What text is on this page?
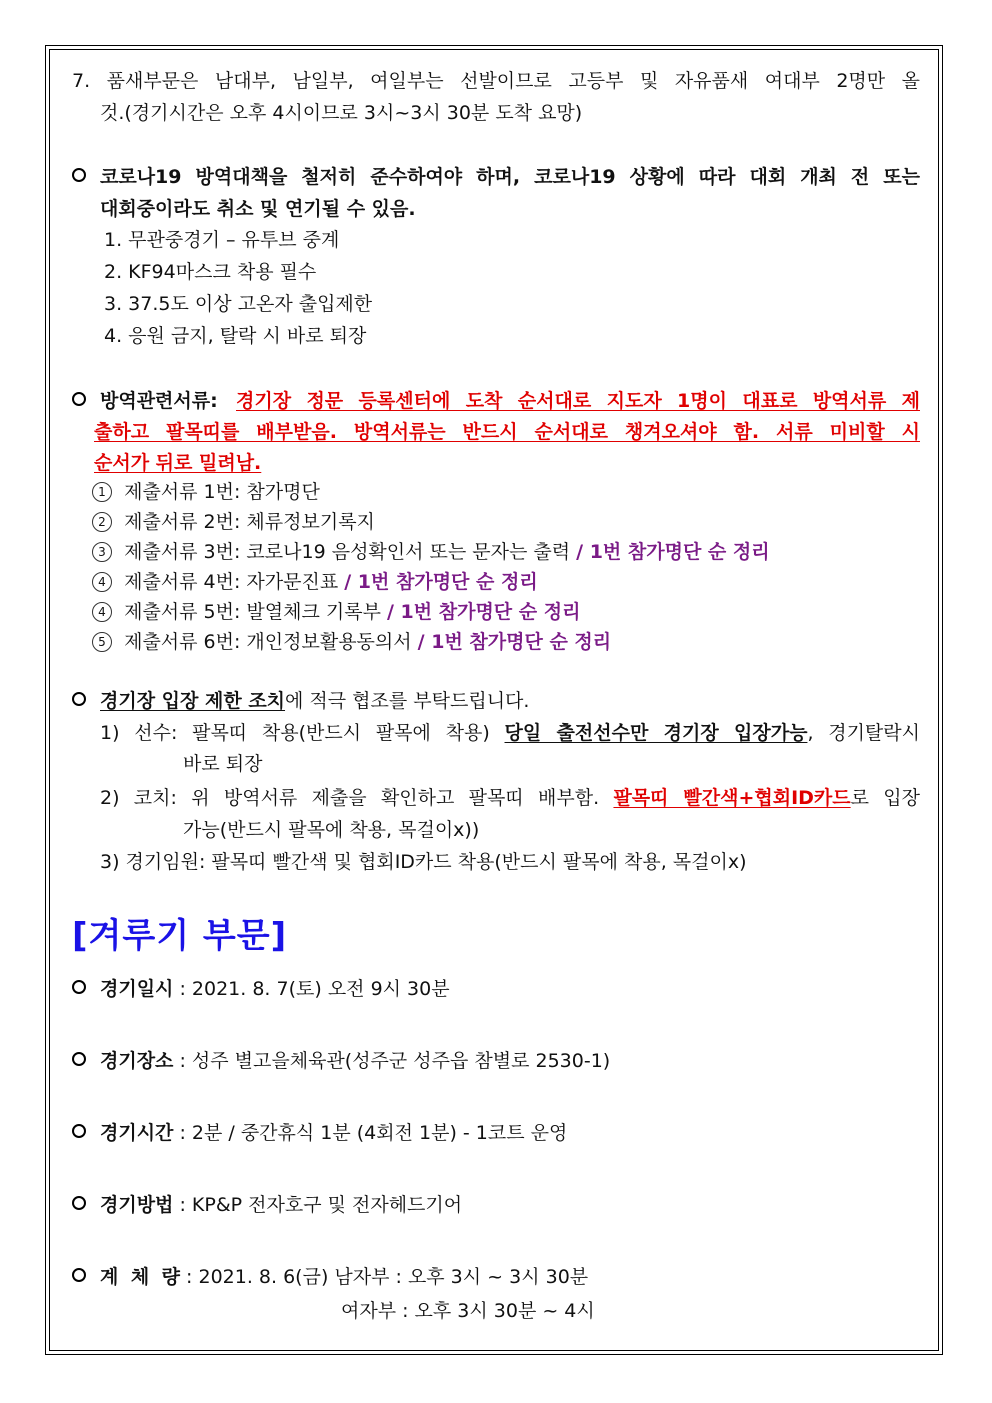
7. 품새부문은 남대부, 남일부, 여일부는 선발이므로 고등부 및 자유품새 여대부 2명만 올
것.(경기시간은 오후 4시이므로 3시~3시 30분 도착 요망)
코로나19 방역대책을 철저히 준수하여야 하며, 코로나19 상황에 따라 대회 개최 전 또는
대회중이라도 취소 및 연기될 수 있음.
1. 무관중경기 – 유투브 중계
2. KF94마스크 착용 필수
3. 37.5도 이상 고온자 출입제한
4. 응원 금지, 탈락 시 바로 퇴장
방역관련서류: 경기장 정문 등록센터에 도착 순서대로 지도자 1명이 대표로 방역서류 제
출하고 팔목띠를 배부받음. 방역서류는 반드시 순서대로 챙겨오셔야 함. 서류 미비할 시
순서가 뒤로 밀려남.
1 제출서류 1번: 참가명단
2 제출서류 2번: 체류정보기록지
3 제출서류 3번: 코로나19 음성확인서 또는 문자는 출력 / 1번 참가명단 순 정리
4 제출서류 4번: 자가문진표 / 1번 참가명단 순 정리
4 제출서류 5번: 발열체크 기록부 / 1번 참가명단 순 정리
5 제출서류 6번: 개인정보활용동의서 / 1번 참가명단 순 정리
경기장 입장 제한 조치에 적극 협조를 부탁드립니다.
1) 선수: 팔목띠 착용(반드시 팔목에 착용) 당일 출전선수만 경기장 입장가능, 경기탈락시
바로 퇴장
2) 코치: 위 방역서류 제출을 확인하고 팔목띠 배부함. 팔목띠 빨간색+협회ID카드로 입장
가능(반드시 팔목에 착용, 목걸이x))
3) 경기임원: 팔목띠 빨간색 및 협회ID카드 착용(반드시 팔목에 착용, 목걸이x)
[겨루기 부문]
경기일시 : 2021. 8. 7(토) 오전 9시 30분
경기장소 : 성주 별고을체육관(성주군 성주읍 참별로 2530-1)
경기시간 : 2분 / 중간휴식 1분 (4회전 1분) - 1코트 운영
경기방법 : KP&P 전자호구 및 전자헤드기어
계 체 량 : 2021. 8. 6(금) 남자부 : 오후 3시 ~ 3시 30분
여자부 : 오후 3시 30분 ~ 4시
